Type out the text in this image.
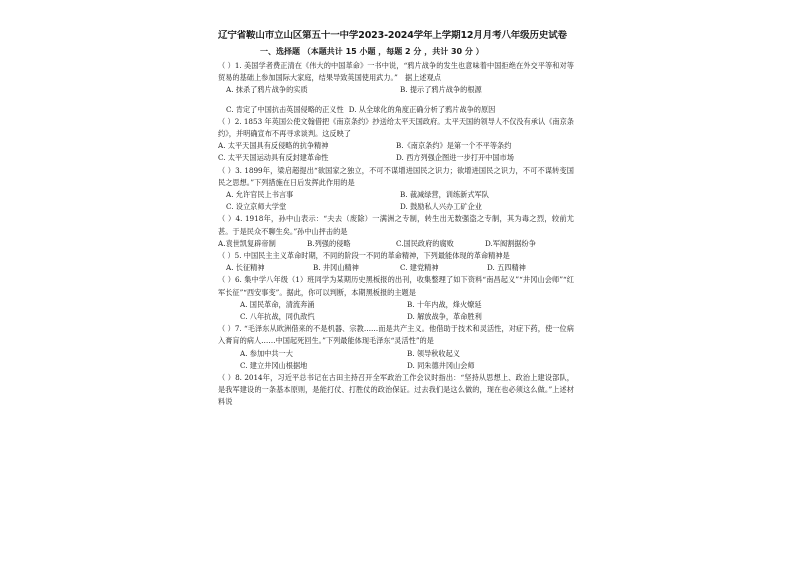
辽宁省鞍山市立山区第五十一中学2023-2024学年上学期12月月考八年级历史试卷
一、选择题 （本题共计 15 小题 ，每题 2 分 ，共计 30 分 ）

（ ）1. 美国学者费正清在《伟大的中国革命》一书中说，“鸦片战争的发生也意味着中国拒绝在外交平等和对等贸易的基础上参加国际大家庭，结果导致英国使用武力。”　据上述观点

A. 抹杀了鸦片战争的实质	B. 提示了鸦片战争的根源
C. 肯定了中国抗击英国侵略的正义性 D. 从全球化的角度正确分析了鸦片战争的原因

（ ）2. 1853 年英国公使文翰借把《南京条约》抄送给太平天国政府。太平天国的领导人不仅没有承认《南京条约》，并明确宣布不再寻求谈判。这反映了

A. 太平天国具有反侵略的抗争精神	B.《南京条约》是第一个不平等条约
C. 太平天国运动具有反封建革命性	D. 西方列强企图进一步打开中国市场

（ ）3. 1899年，梁启超提出“欲国家之独立，不可不谋增进国民之识力；欲增进国民之识力，不可不谋转变国民之思想。”下列措施在日后发挥此作用的是

A. 允许官民上书言事	B. 裁减绿营，训练新式军队
C. 设立京师大学堂	D. 鼓励私人兴办工矿企业

（ ）4. 1918年，孙中山表示：“夫去（废除）一满洲之专制，转生出无数强盗之专制，其为毒之烈，较前尤甚。于是民众不聊生矣。”孙中山抨击的是

A.袁世凯复辟帝制	B.列强的侵略	C.国民政府的腐败	D.军阀割据纷争

（ ）5. 中国民主主义革命时期，不同的阶段一不同的革命精神，下列最能体现的革命精神是

A. 长征精神	B. 井冈山精神	C. 建党精神	D. 五四精神

（ ）6. 集中学八年级（1）班同学为某期历史黑板报的出刊，收集整理了如下资料“南昌起义”“井冈山会师”“红军长征”“西安事变”。据此，你可以判断，本期黑板报的主题是

A. 国民革命，清流奔涌	B. 十年内战，烽火燎延
C. 八年抗战，同仇敌忾	D. 解放战争，革命胜利

（ ）7. “毛泽东从欧洲借来的不是机器、宗教……而是共产主义。他借助于技术和灵活性，对症下药，使一位病入膏肓的病人……中国起死回生。”下列最能体现毛泽东“灵活性”的是

A. 参加中共一大	B. 领导秋收起义
C. 建立井冈山根据地	D. 同朱德井冈山会师

（ ）8. 2014年，习近平总书记在古田主持召开全军政治工作会议时指出：“坚持从思想上、政治上建设部队，是我军建设的一条基本原则，是能打仗、打胜仗的政治保证。过去我们是这么做的，现在也必须这么做。”上述材料说
